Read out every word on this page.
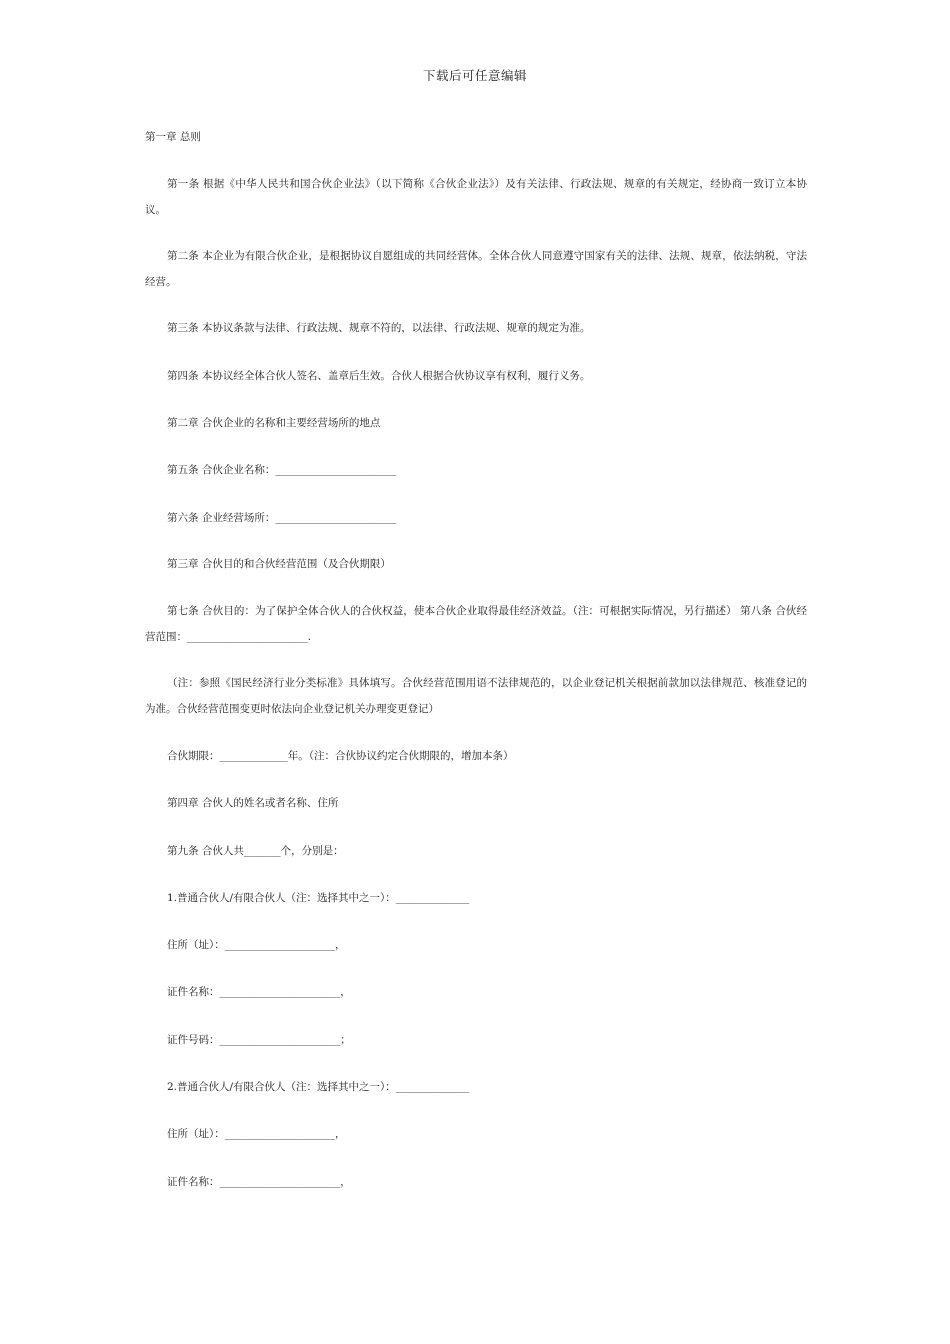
下载后可任意编辑
第一章 总则
第一条 根据《中华人民共和国合伙企业法》（以下简称《合伙企业法》）及有关法律、行政法规、规章的有关规定，经协商一致订立本协议。
第二条 本企业为有限合伙企业，是根据协议自愿组成的共同经营体。全体合伙人同意遵守国家有关的法律、法规、规章，依法纳税，守法经营。
第三条 本协议条款与法律、行政法规、规章不符的，以法律、行政法规、规章的规定为准。
第四条 本协议经全体合伙人签名、盖章后生效。合伙人根据合伙协议享有权利，履行义务。
第二章 合伙企业的名称和主要经营场所的地点
第五条 合伙企业名称：_______________________
第六条 企业经营场所：_______________________
第三章 合伙目的和合伙经营范围（及合伙期限）
第七条 合伙目的：为了保护全体合伙人的合伙权益，使本合伙企业取得最佳经济效益。（注：可根据实际情况，另行描述） 第八条 合伙经营范围：_______________________.
（注：参照《国民经济行业分类标准》具体填写。合伙经营范围用语不法律规范的，以企业登记机关根据前款加以法律规范、核准登记的为准。合伙经营范围变更时依法向企业登记机关办理变更登记）
合伙期限：_____________年。（注：合伙协议约定合伙期限的，增加本条）
第四章 合伙人的姓名或者名称、住所
第九条 合伙人共_______个，分别是：
1.普通合伙人/有限合伙人（注：选择其中之一）：______________
住所（址）：_____________________，
证件名称：_______________________，
证件号码：_______________________；
2.普通合伙人/有限合伙人（注：选择其中之一）：______________
住所（址）：_____________________，
证件名称：_______________________，
